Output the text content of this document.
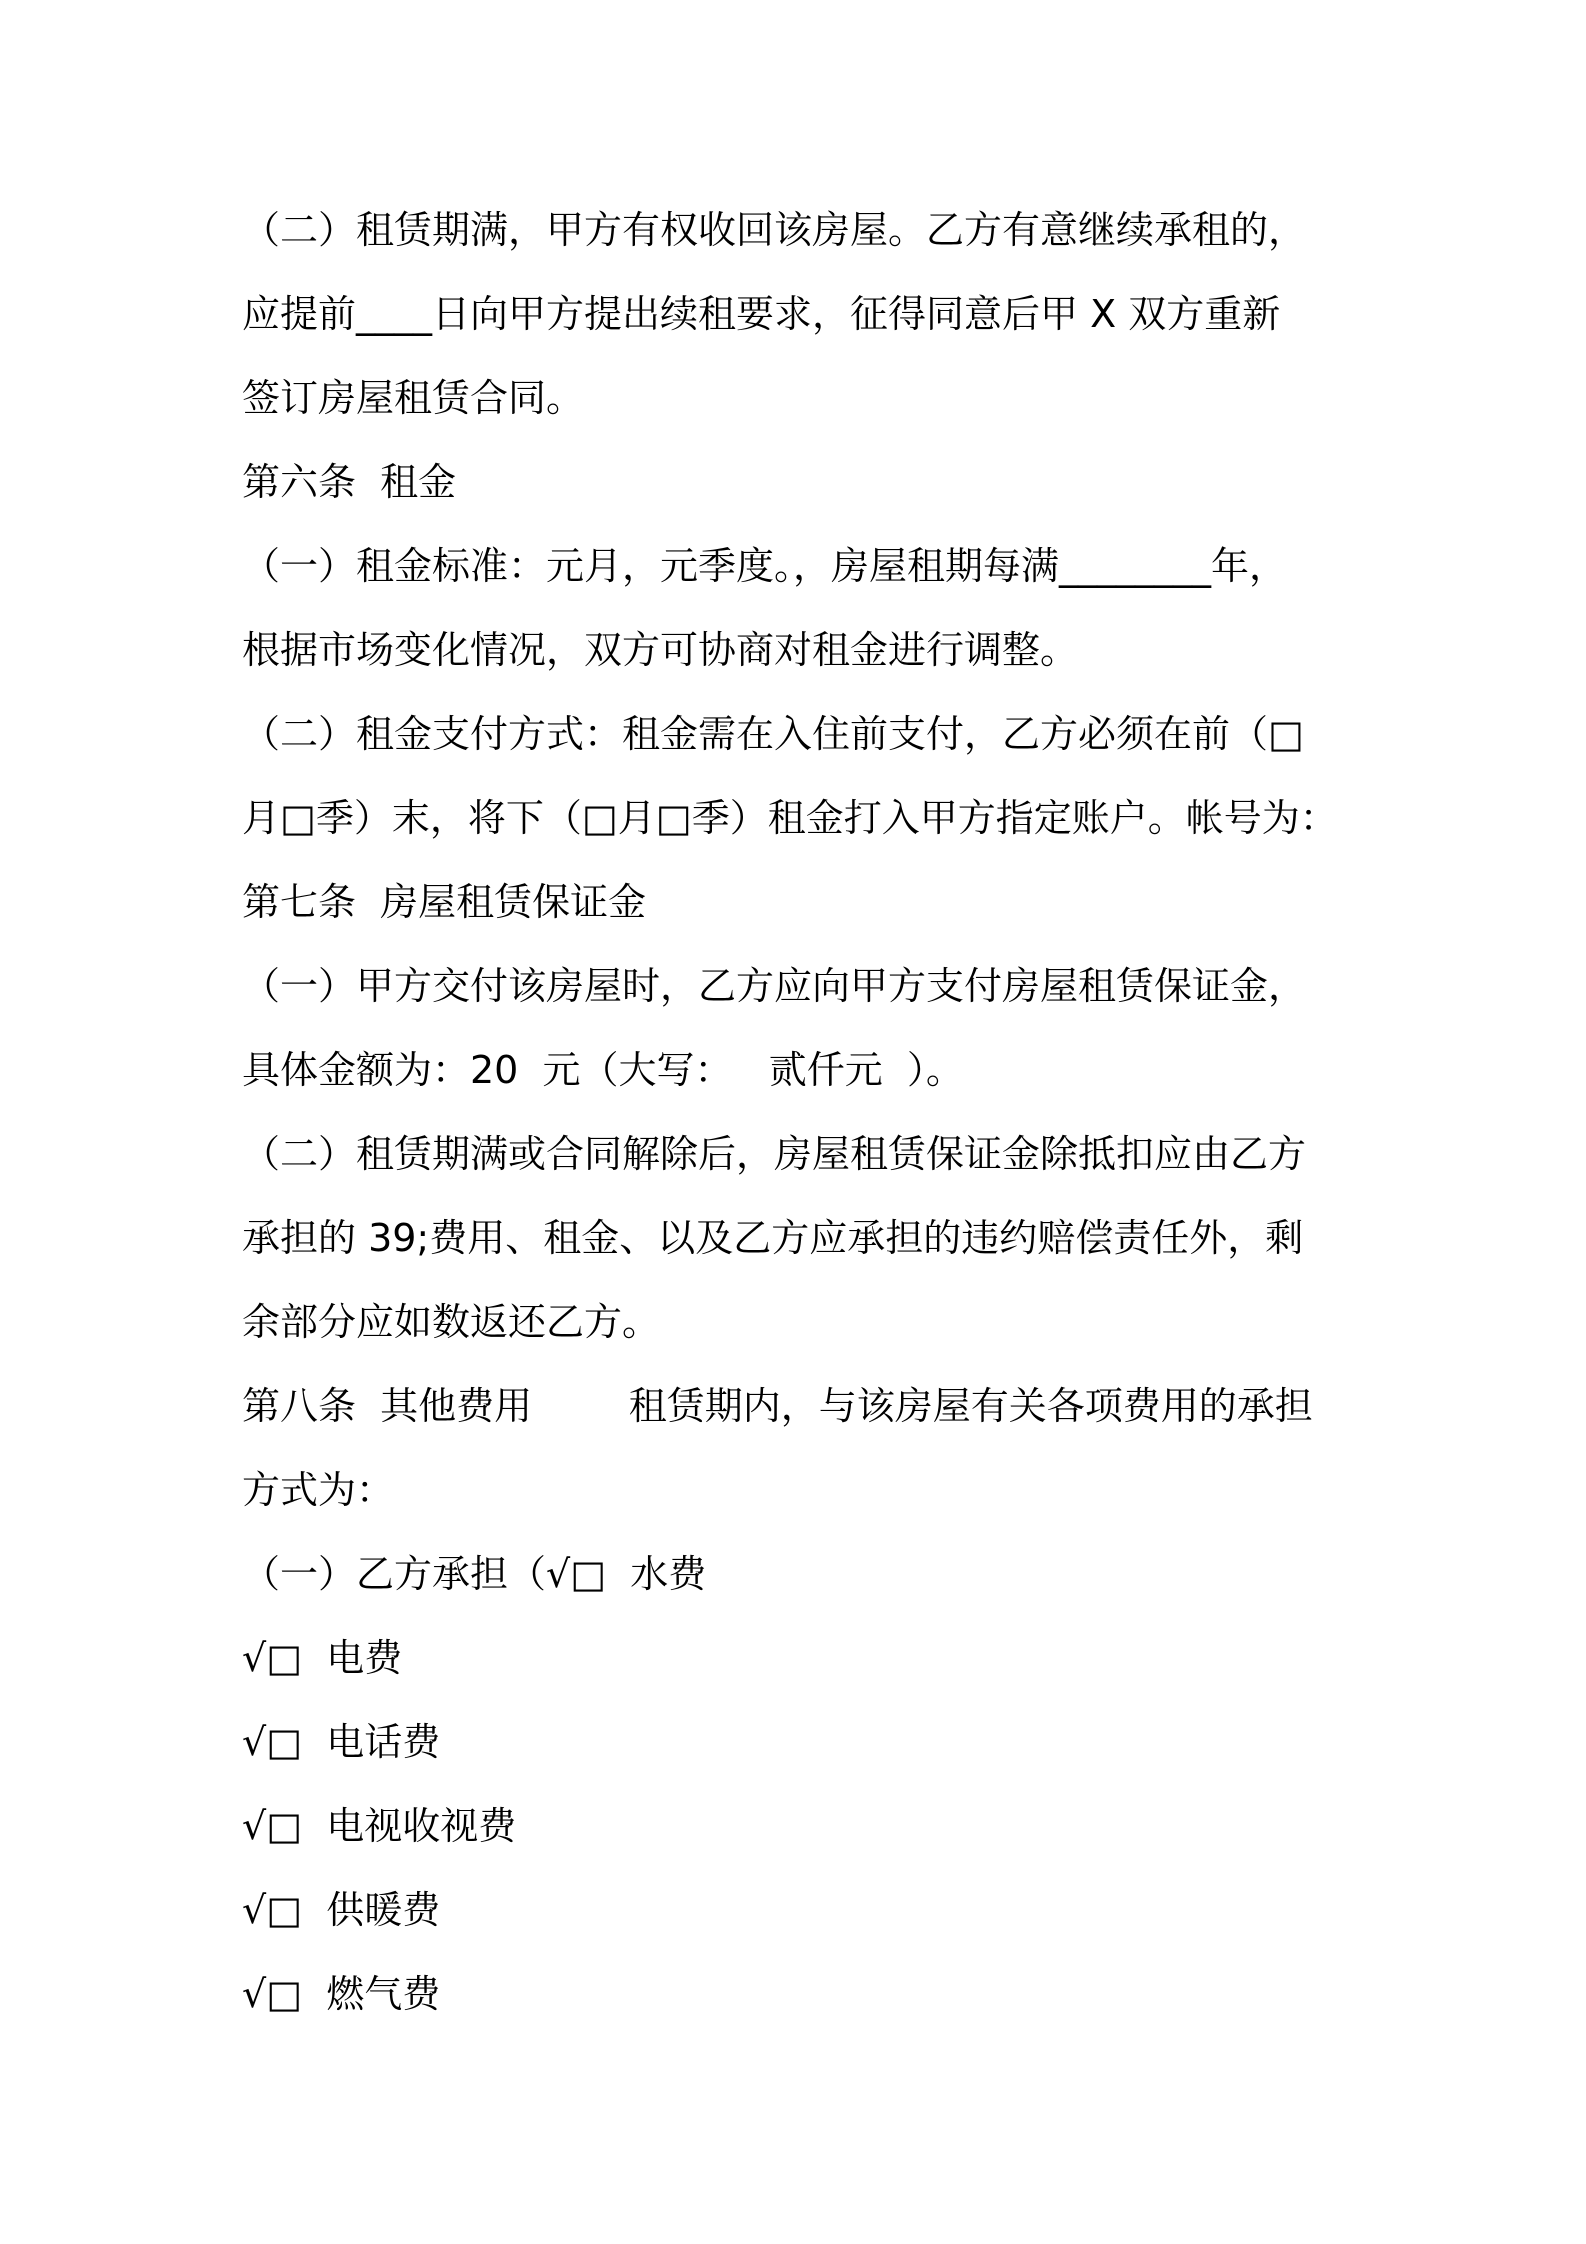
（二）租赁期满，甲方有权收回该房屋。乙方有意继续承租的，
应提前____日向甲方提出续租要求，征得同意后甲 X 双方重新
签订房屋租赁合同。
第六条  租金
（一）租金标准：元月，元季度。，房屋租期每满________年，
根据市场变化情况，双方可协商对租金进行调整。
（二）租金支付方式：租金需在入住前支付，乙方必须在前（□
月□季）末，将下（□月□季）租金打入甲方指定账户。帐号为：
第七条  房屋租赁保证金
（一）甲方交付该房屋时，乙方应向甲方支付房屋租赁保证金，
具体金额为：20  元（大写：   贰仟元  ）。
（二）租赁期满或合同解除后，房屋租赁保证金除抵扣应由乙方
承担的 39;费用、租金、以及乙方应承担的违约赔偿责任外，剩
余部分应如数返还乙方。
第八条  其他费用        租赁期内，与该房屋有关各项费用的承担
方式为：
（一）乙方承担（√□  水费
√□  电费
√□  电话费
√□  电视收视费
√□  供暖费
√□  燃气费
